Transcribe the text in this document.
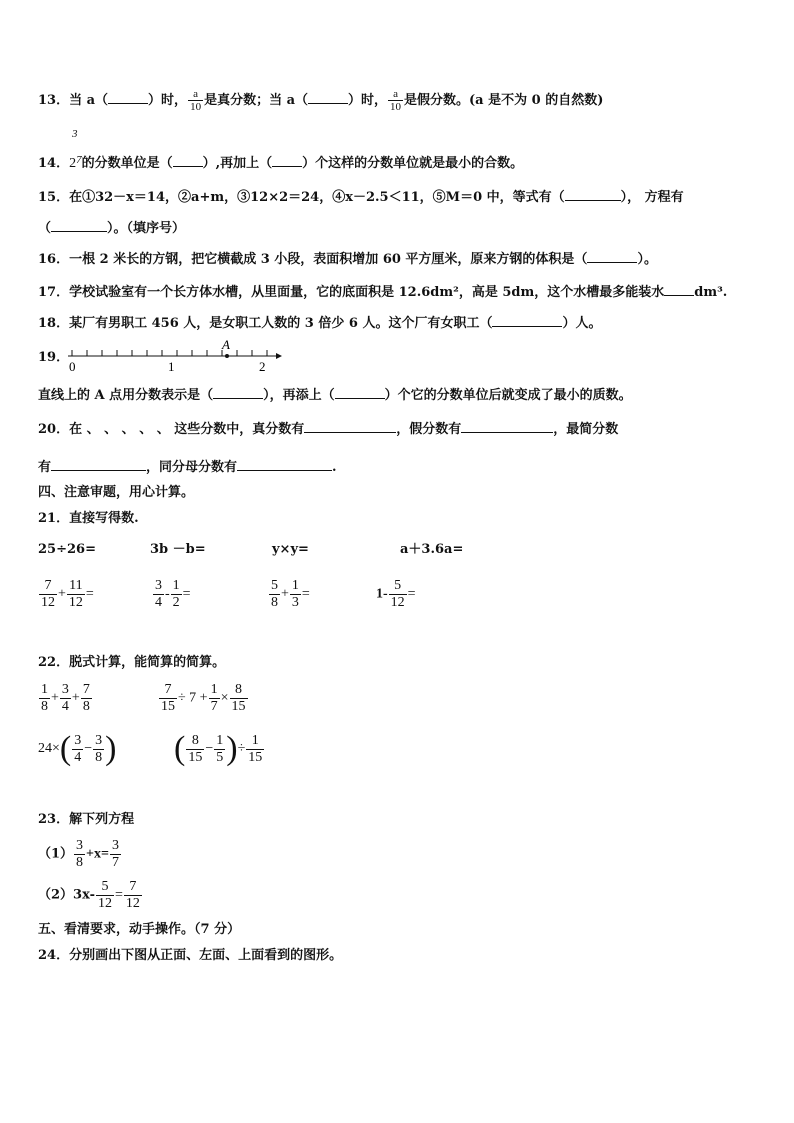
13．当 a（	）时， $\frac{a}{10}$ 是真分数；当 a（	）时， $\frac{a}{10}$ 是假分数。(a 是不为 0 的自然数)
3
14．$2^7$的分数单位是（ ）,再加上（ ）个这样的分数单位就是最小的合数。
15．在①32－x＝14，②a+m，③12×2＝24，④x－2.5＜11，⑤M＝0 中，等式有（	）， 方程有
（	）。（填序号）
16．一根 2 米长的方钢，把它横截成 3 小段，表面积增加 60 平方厘米，原来方钢的体积是（	）。
17．学校试验室有一个长方体水槽，从里面量，它的底面积是 12.6dm²，高是 5dm，这个水槽最多能装水 dm³.
18．某厂有男职工 456 人，是女职工人数的 3 倍少 6 人。这个厂有女职工（	）人。
19．
A
0	1	2
直线上的 A 点用分数表示是（	），再添上（	）个它的分数单位后就变成了最小的质数。
20．在 、 、 、 、 、 这些分数中，真分数有	，假分数有	，最简分数
有	，同分母分数有	.
四、注意审题，用心计算。
21．直接写得数.
25÷26=	3b －b=	y×y=	a＋3.6a=
$\frac{7}{12} + \frac{11}{12}$ =	$\frac{3}{4} - \frac{1}{2}$ =	$\frac{5}{8} + \frac{1}{3}$ =	$1- \frac{5}{12}$ =
22．脱式计算，能简算的简算。
$\frac{1}{8} + \frac{3}{4} + \frac{7}{8}$	$\frac{7}{15} \div 7 + \frac{1}{7} \times \frac{8}{15}$
$24\times( \frac{3}{4} - \frac{3}{8}$ ) ( $\frac{8}{15} - \frac{1}{5}$ )÷ $\frac{1}{15}$
23．解下列方程
$(1) \frac{3}{8} +x= \frac{3}{7}$
$(2)3x- \frac{5}{12} = \frac{7}{12}$
五、看清要求，动手操作。（7 分）
24．分别画出下图从正面、左面、上面看到的图形。
